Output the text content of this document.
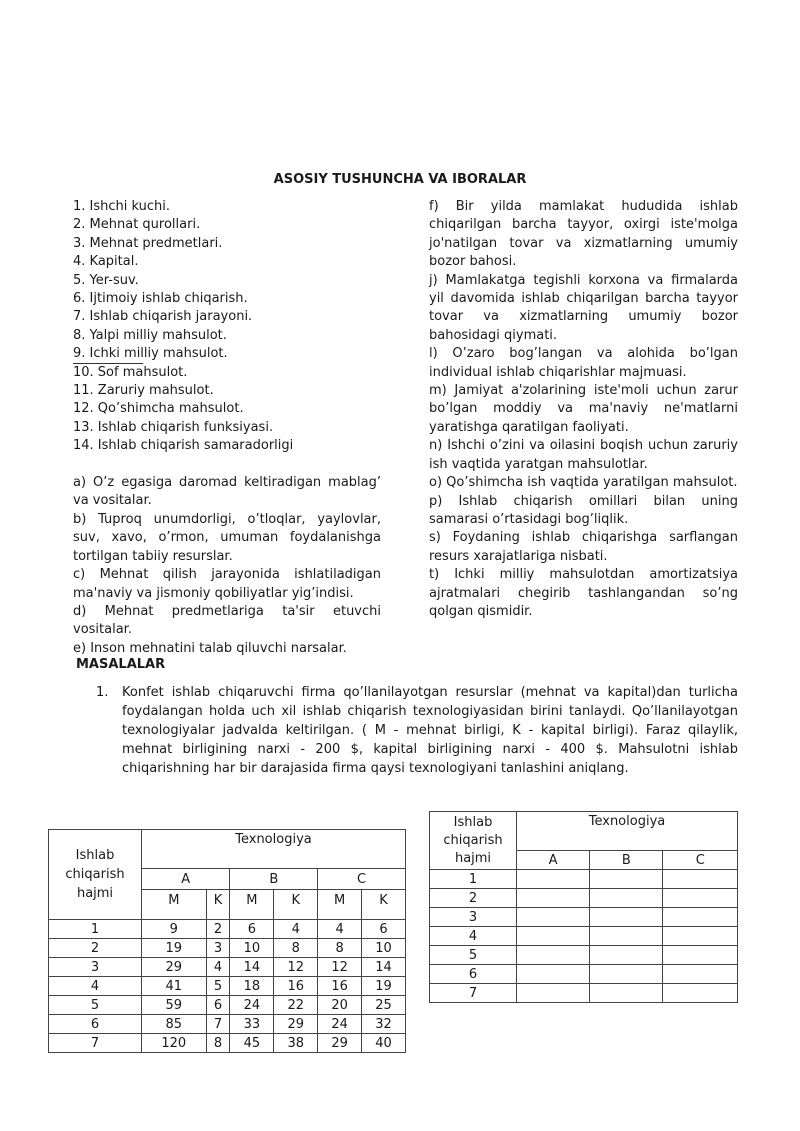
ASOSIY TUSHUNCHA VA IBORALAR
1. Ishchi kuchi.
2. Mehnat qurollari.
3. Mehnat predmetlari.
4. Kapital.
5. Yer-suv.
6. Ijtimoiy ishlab chiqarish.
7. Ishlab chiqarish jarayoni.
8. Yalpi milliy mahsulot.
9. Ichki milliy mahsulot.
10. Sof mahsulot.
11. Zaruriy mahsulot.
12. Qo’shimcha mahsulot.
13. Ishlab chiqarish funksiyasi.
14. Ishlab chiqarish samaradorligi
a) O’z egasiga daromad keltiradigan mablag’ va vositalar.
b) Tuproq unumdorligi, o’tloqlar, yaylovlar, suv, xavo, o’rmon, umuman foydalanishga tortilgan tabiiy resurslar.
c) Mehnat qilish jarayonida ishlatiladigan ma'naviy va jismoniy qobiliyatlar yig’indisi.
d) Mehnat predmetlariga ta'sir etuvchi vositalar.
e) Inson mehnatini talab qiluvchi narsalar.
f) Bir yilda mamlakat hududida ishlab chiqarilgan barcha tayyor, oxirgi iste'molga jo'natilgan tovar va xizmatlarning umumiy bozor bahosi.
j) Mamlakatga tegishli korxona va firmalarda yil davomida ishlab chiqarilgan barcha tayyor tovar va xizmatlarning umumiy bozor bahosidagi qiymati.
l) O’zaro bog’langan va alohida bo’lgan individual ishlab chiqarishlar majmuasi.
m) Jamiyat a'zolarining iste'moli uchun zarur bo’lgan moddiy va ma'naviy ne'matlarni yaratishga qaratilgan faoliyati.
n) Ishchi o’zini va oilasini boqish uchun zaruriy ish vaqtida yaratgan mahsulotlar.
o) Qo’shimcha ish vaqtida yaratilgan mahsulot.
p) Ishlab chiqarish omillari bilan uning samarasi o’rtasidagi bog’liqlik.
s) Foydaning ishlab chiqarishga sarflangan resurs xarajatlariga nisbati.
t) Ichki milliy mahsulotdan amortizatsiya ajratmalari chegirib tashlangandan so’ng qolgan qismidir.
MASALALAR
1. Konfet ishlab chiqaruvchi firma qo’llanilayotgan resurslar (mehnat va kapital)dan turlicha foydalangan holda uch xil ishlab chiqarish texnologiyasidan birini tanlaydi. Qo’llanilayotgan texnologiyalar jadvalda keltirilgan. ( M - mehnat birligi, K - kapital birligi). Faraz qilaylik, mehnat birligining narxi - 200 $, kapital birligining narxi - 400 $. Mahsulotni ishlab chiqarishning har bir darajasida firma qaysi texnologiyani tanlashini aniqlang.
Ishlab chiqarish hajmi	Texnologiya					
	A		B		C	
	M	K	M	K	M	K
1	9	2	6	4	4	6
2	19	3	10	8	8	10
3	29	4	14	12	12	14
4	41	5	18	16	16	19
5	59	6	24	22	20	25
6	85	7	33	29	24	32
7	120	8	45	38	29	40
Ishlab chiqarish hajmi	Texnologiya		
	A	B	C
1			
2			
3			
4			
5			
6			
7			
